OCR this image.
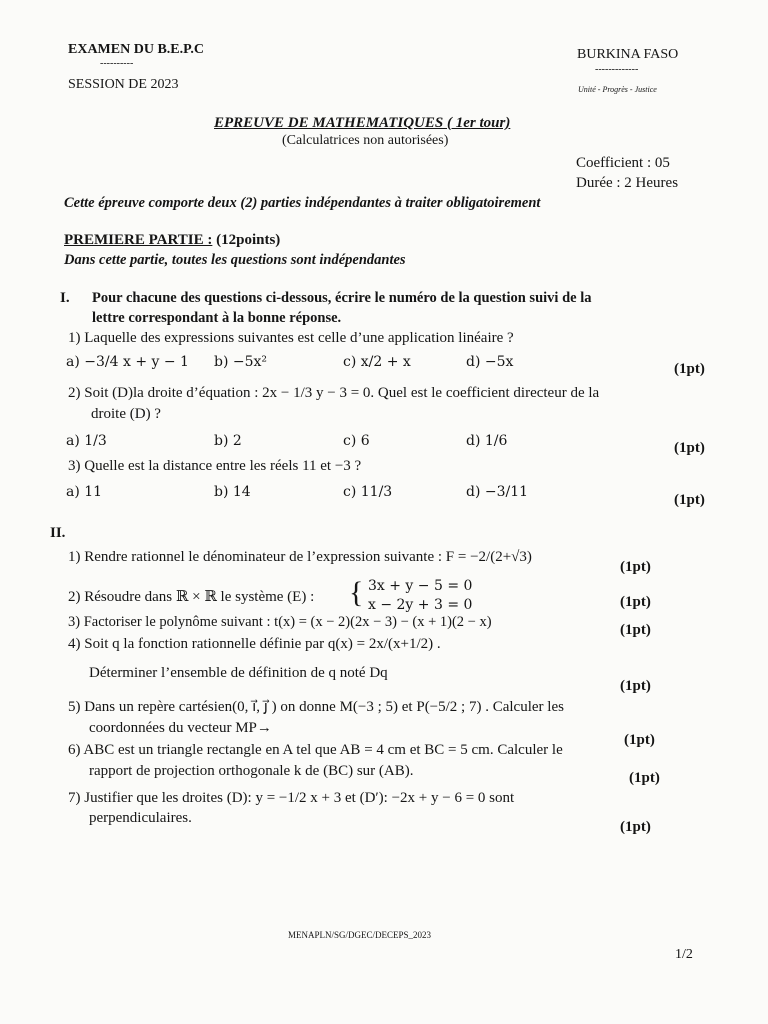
EXAMEN DU B.E.P.C
----------
SESSION DE 2023
BURKINA FASO
-------------
Unité - Progrès - Justice
EPREUVE DE MATHEMATIQUES ( 1er tour)
(Calculatrices non autorisées)
Coefficient : 05
Durée : 2 Heures
Cette épreuve comporte deux (2) parties indépendantes à traiter obligatoirement
PREMIERE PARTIE : (12points)
Dans cette partie, toutes les questions sont indépendantes
I. Pour chacune des questions ci-dessous, écrire le numéro de la question suivi de la
lettre correspondant à la bonne réponse.
1) Laquelle des expressions suivantes est celle d’une application linéaire ?
a) −3/4 x + y − 1 b) −5x²	c) x/2 + x	d) −5x	(1pt)
2) Soit (D)la droite d’équation : 2x − 1/3 y − 3 = 0. Quel est le coefficient directeur de la
droite (D) ?
a) 1/3	b) 2	c) 6	d) 1/6	(1pt)
3) Quelle est la distance entre les réels 11 et −3 ?
a) 11	b) 14	c) 11/3	d) −3/11	(1pt)
II.
1) Rendre rationnel le dénominateur de l’expression suivante : F = −2/(2+√3)
(1pt)
2) Résoudre dans ℝ × ℝ le système (E) : { 3x + y − 5 = 0
x − 2y + 3 = 0	(1pt)
3) Factoriser le polynôme suivant : t(x) = (x − 2)(2x − 3) − (x + 1)(2 − x)	(1pt)
4) Soit q la fonction rationnelle définie par q(x) = 2x/(x+1/2) .
Déterminer l’ensemble de définition de q noté Dq
(1pt)
5) Dans un repère cartésien(0, i⃗, j⃗ ) on donne M(−3 ; 5) et P(−5/2 ; 7) . Calculer les
coordonnées du vecteur MP→
(1pt)
6) ABC est un triangle rectangle en A tel que AB = 4 cm et BC = 5 cm. Calculer le
rapport de projection orthogonale k de (BC) sur (AB).	(1pt)
7) Justifier que les droites (D): y = −1/2 x + 3 et (D′): −2x + y − 6 = 0 sont
perpendiculaires.
(1pt)
MENAPLN/SG/DGEC/DECEPS_2023
1/2
